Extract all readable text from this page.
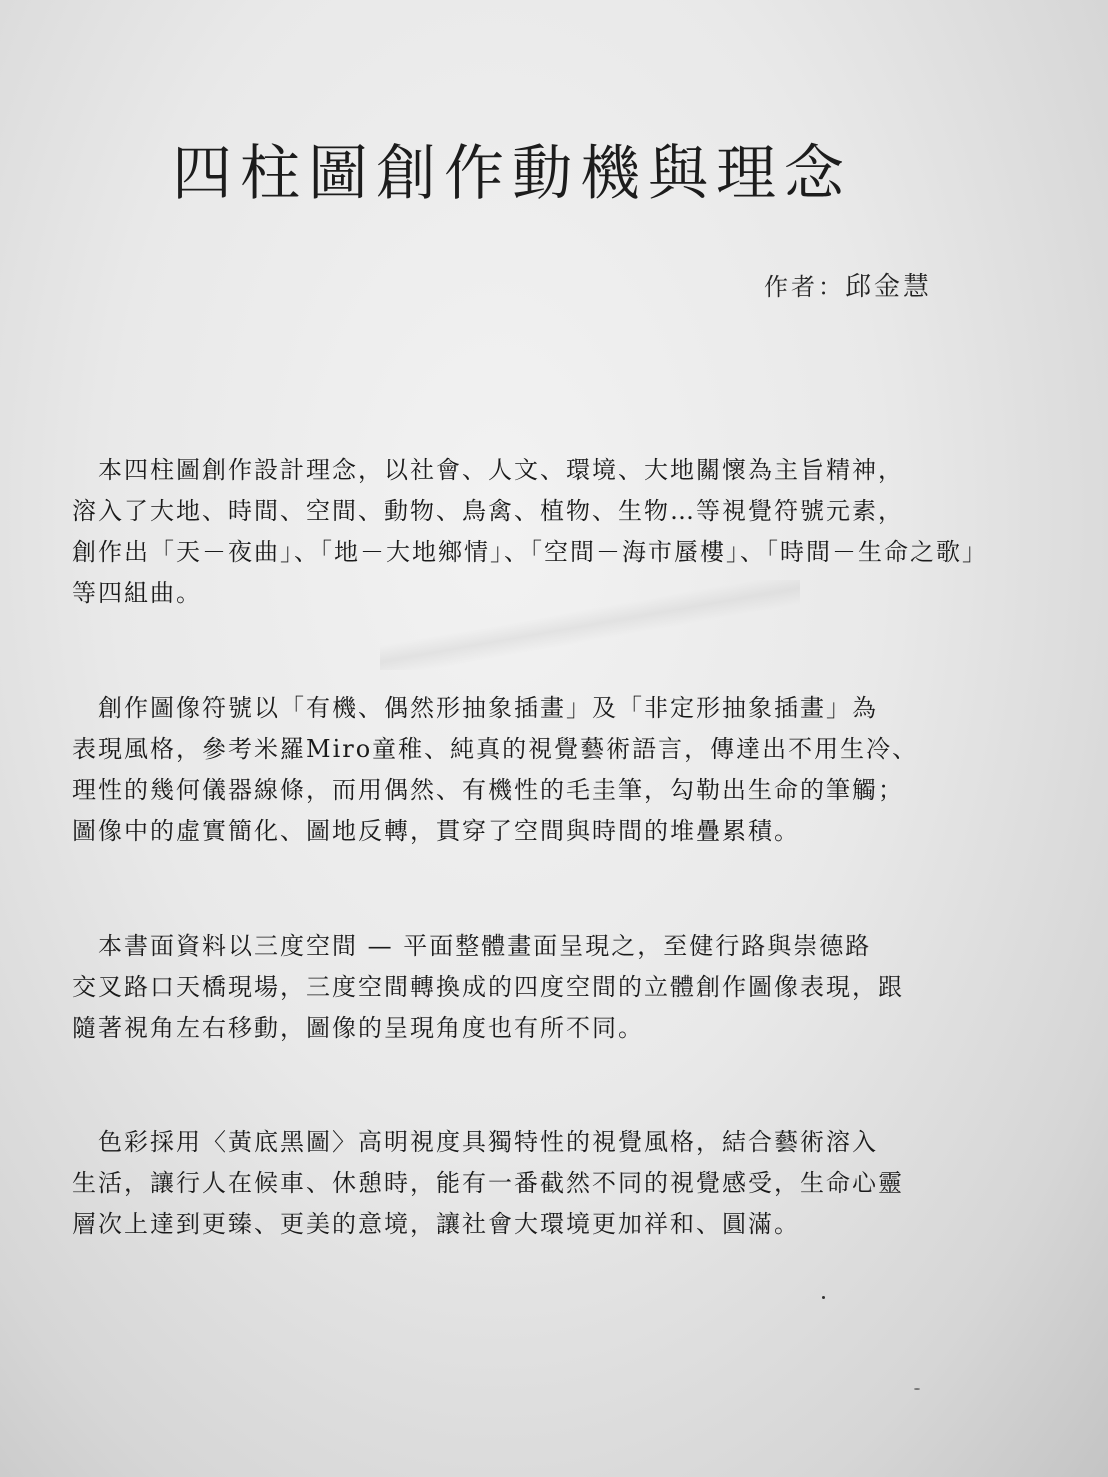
四柱圖創作動機與理念
作者：邱金慧
　本四柱圖創作設計理念，以社會、人文、環境、大地關懷為主旨精神，
溶入了大地、時間、空間、動物、鳥禽、植物、生物…等視覺符號元素，
創作出「天－夜曲」、「地－大地鄉情」、「空間－海市蜃樓」、「時間－生命之歌」
等四組曲。
　創作圖像符號以「有機、偶然形抽象插畫」及「非定形抽象插畫」為
表現風格，參考米羅Miro童稚、純真的視覺藝術語言，傳達出不用生冷、
理性的幾何儀器線條，而用偶然、有機性的毛圭筆，勾勒出生命的筆觸；
圖像中的虛實簡化、圖地反轉，貫穿了空間與時間的堆疊累積。
　本書面資料以三度空間 — 平面整體畫面呈現之，至健行路與崇德路
交叉路口天橋現場，三度空間轉換成的四度空間的立體創作圖像表現，跟
隨著視角左右移動，圖像的呈現角度也有所不同。
　色彩採用〈黃底黑圖〉高明視度具獨特性的視覺風格，結合藝術溶入
生活，讓行人在候車、休憩時，能有一番截然不同的視覺感受，生命心靈
層次上達到更臻、更美的意境，讓社會大環境更加祥和、圓滿。
